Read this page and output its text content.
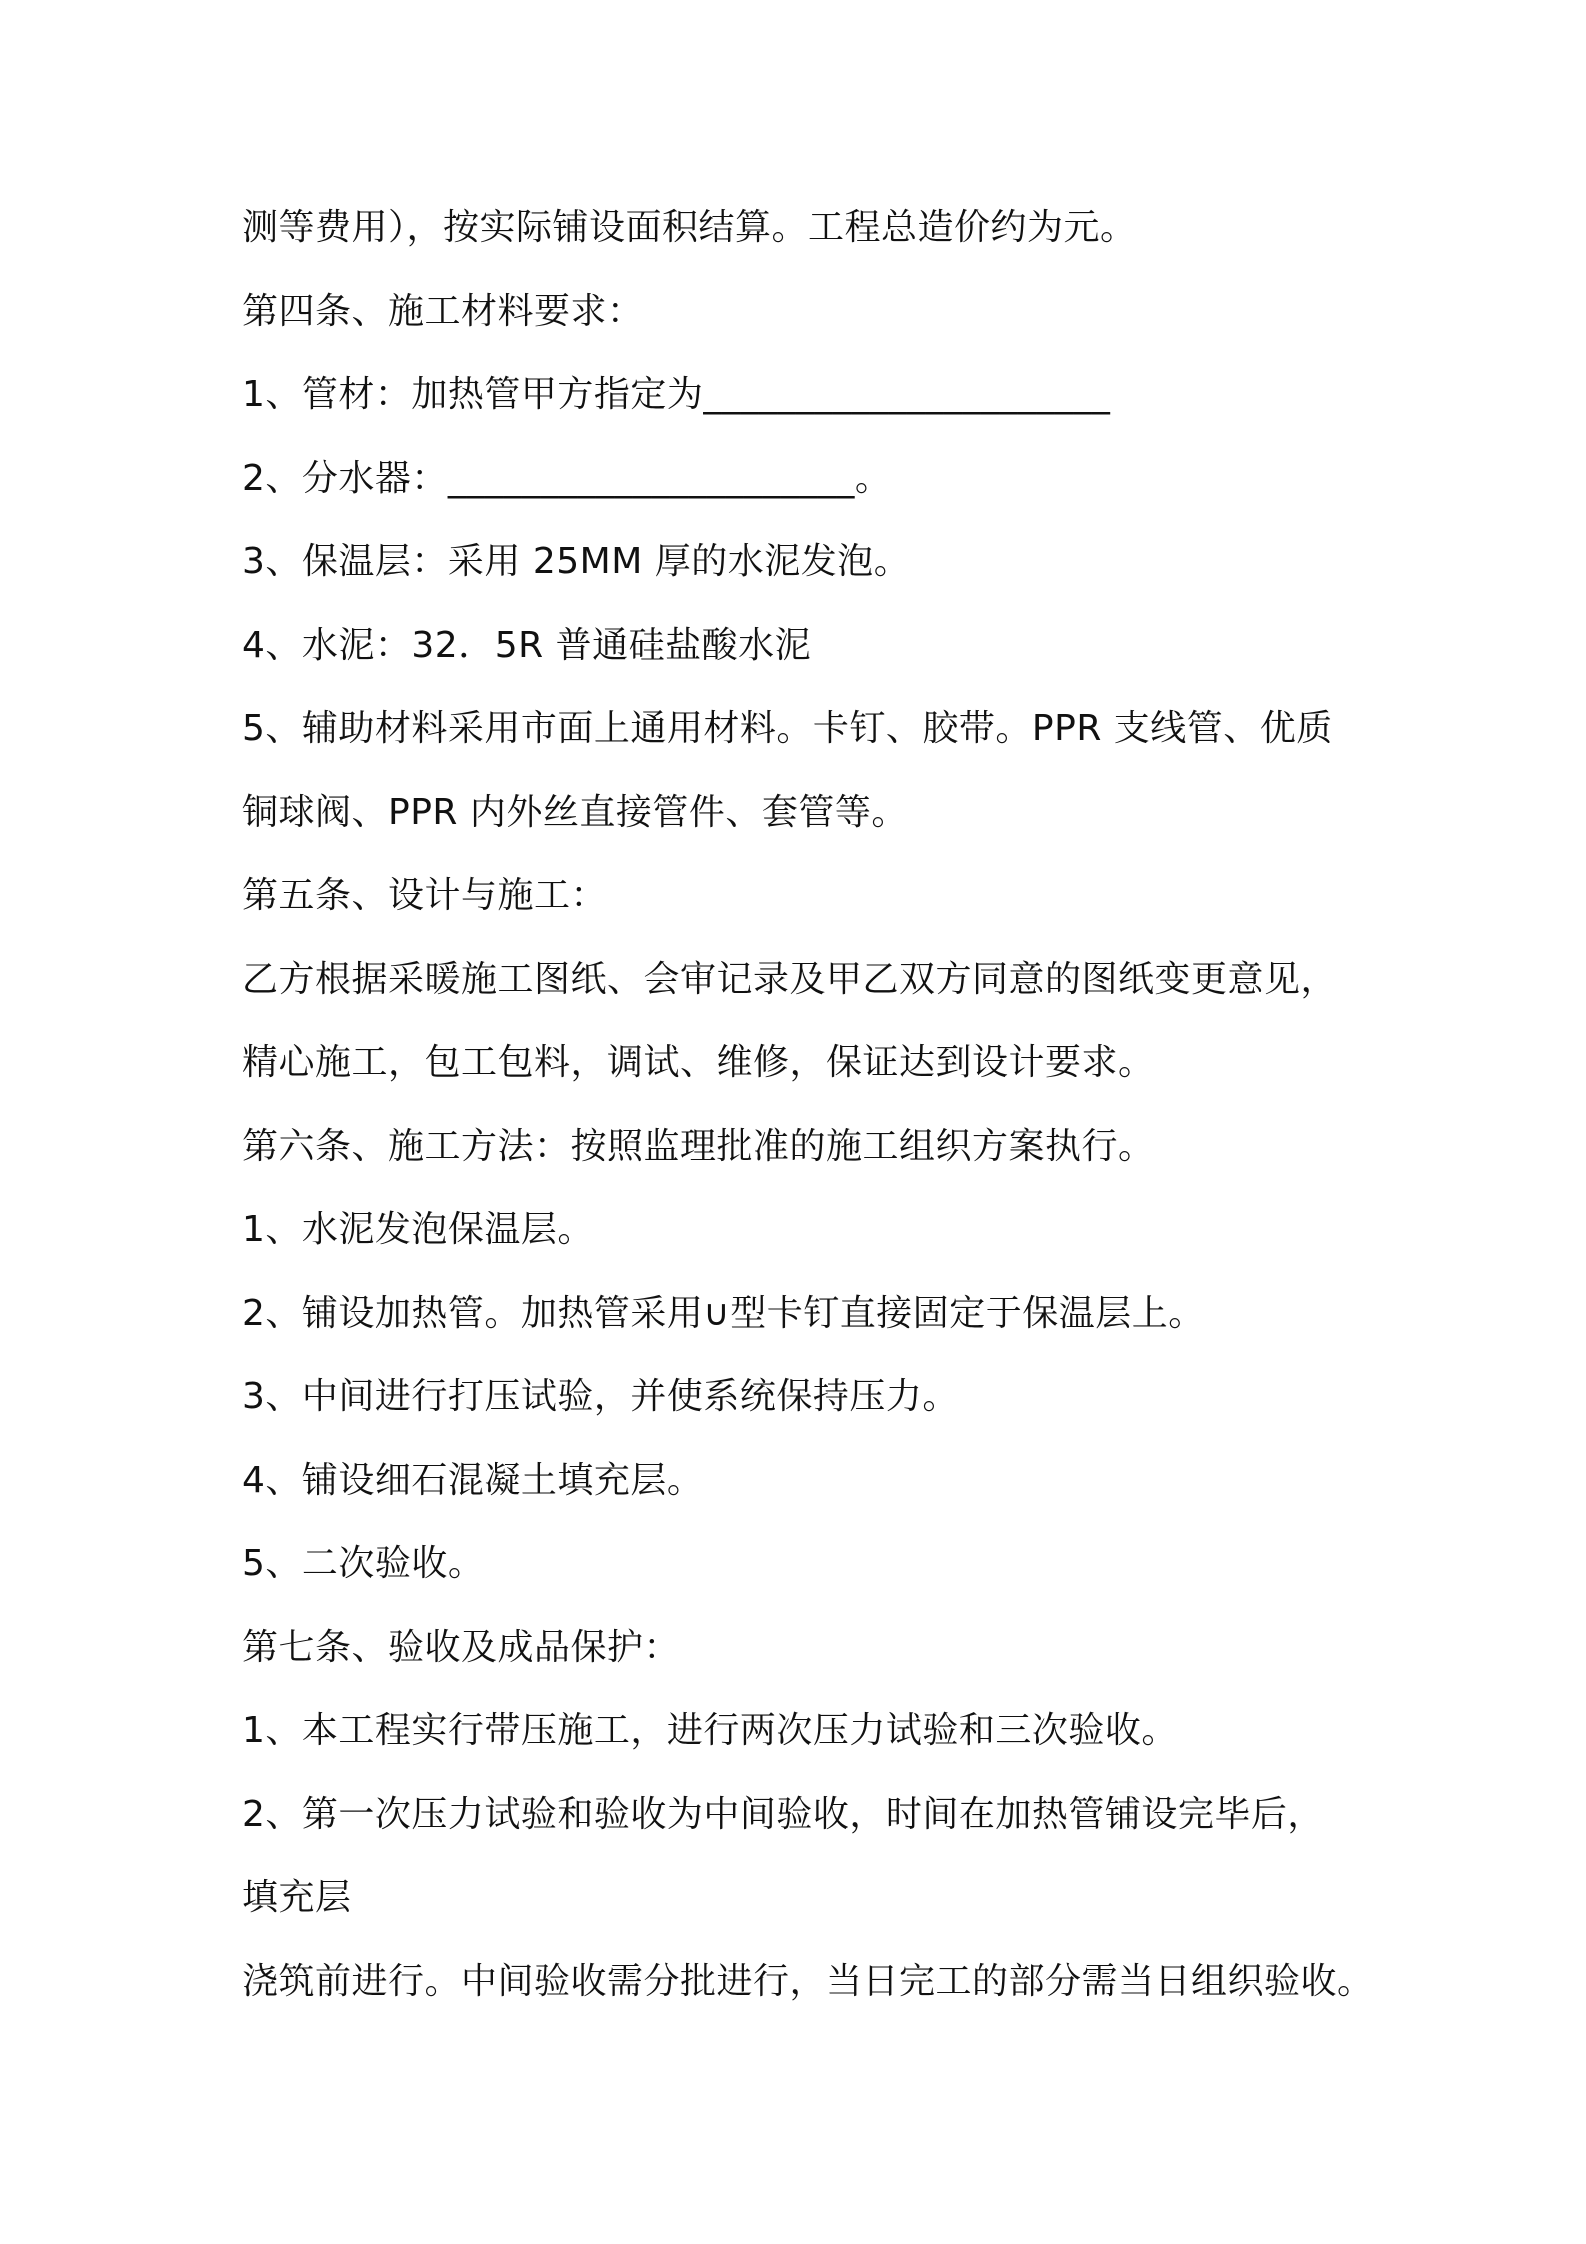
测等费用），按实际铺设面积结算。工程总造价约为元。
第四条、施工材料要求：
1、管材：加热管甲方指定为______________________
2、分水器：______________________。
3、保温层：采用 25MM 厚的水泥发泡。
4、水泥：32．5R 普通硅盐酸水泥
5、辅助材料采用市面上通用材料。卡钉、胶带。PPR 支线管、优质
铜球阀、PPR 内外丝直接管件、套管等。
第五条、设计与施工：
乙方根据采暖施工图纸、会审记录及甲乙双方同意的图纸变更意见，
精心施工，包工包料，调试、维修，保证达到设计要求。
第六条、施工方法：按照监理批准的施工组织方案执行。
1、水泥发泡保温层。
2、铺设加热管。加热管采用∪型卡钉直接固定于保温层上。
3、中间进行打压试验，并使系统保持压力。
4、铺设细石混凝土填充层。
5、二次验收。
第七条、验收及成品保护：
1、本工程实行带压施工，进行两次压力试验和三次验收。
2、第一次压力试验和验收为中间验收，时间在加热管铺设完毕后，
填充层
浇筑前进行。中间验收需分批进行，当日完工的部分需当日组织验收。
